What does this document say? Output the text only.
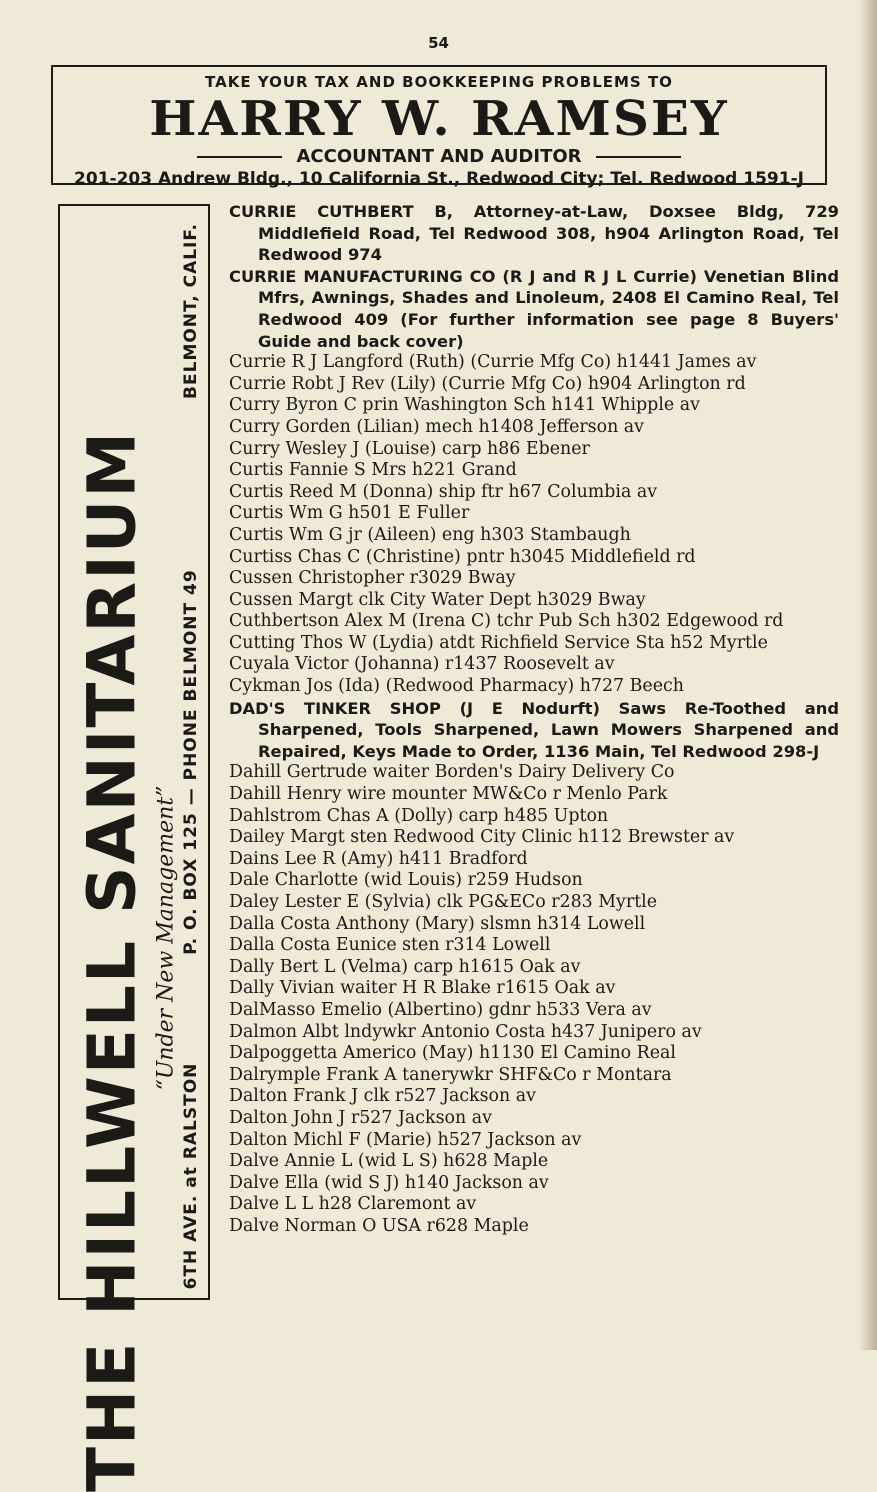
54
TAKE YOUR TAX AND BOOKKEEPING PROBLEMS TO
HARRY W. RAMSEY
ACCOUNTANT AND AUDITOR
201-203 Andrew Bldg., 10 California St., Redwood City; Tel. Redwood 1591-J
THE HILLWELL SANITARIUM “Under New Management”
BELMONT, CALIF.
P. O. BOX 125 — PHONE BELMONT 49
6TH AVE. at RALSTON

CURRIE CUTHBERT B, Attorney-at-Law, Doxsee Bldg, 729 Middlefield Road, Tel Redwood 308, h904 Arlington Road, Tel Redwood 974

CURRIE MANUFACTURING CO (R J and R J L Currie) Venetian Blind Mfrs, Awnings, Shades and Linoleum, 2408 El Camino Real, Tel Redwood 409 (For further information see page 8 Buyers' Guide and back cover)

Currie R J Langford (Ruth) (Currie Mfg Co) h1441 James av

Currie Robt J Rev (Lily) (Currie Mfg Co) h904 Arlington rd

Curry Byron C prin Washington Sch h141 Whipple av

Curry Gorden (Lilian) mech h1408 Jefferson av

Curry Wesley J (Louise) carp h86 Ebener

Curtis Fannie S Mrs h221 Grand

Curtis Reed M (Donna) ship ftr h67 Columbia av

Curtis Wm G h501 E Fuller

Curtis Wm G jr (Aileen) eng h303 Stambaugh

Curtiss Chas C (Christine) pntr h3045 Middlefield rd

Cussen Christopher r3029 Bway

Cussen Margt clk City Water Dept h3029 Bway

Cuthbertson Alex M (Irena C) tchr Pub Sch h302 Edgewood rd

Cutting Thos W (Lydia) atdt Richfield Service Sta h52 Myrtle

Cuyala Victor (Johanna) r1437 Roosevelt av

Cykman Jos (Ida) (Redwood Pharmacy) h727 Beech

DAD'S TINKER SHOP (J E Nodurft) Saws Re-Toothed and Sharpened, Tools Sharpened, Lawn Mowers Sharpened and Repaired, Keys Made to Order, 1136 Main, Tel Redwood 298-J

Dahill Gertrude waiter Borden's Dairy Delivery Co

Dahill Henry wire mounter MW&Co r Menlo Park

Dahlstrom Chas A (Dolly) carp h485 Upton

Dailey Margt sten Redwood City Clinic h112 Brewster av

Dains Lee R (Amy) h411 Bradford

Dale Charlotte (wid Louis) r259 Hudson

Daley Lester E (Sylvia) clk PG&ECo r283 Myrtle

Dalla Costa Anthony (Mary) slsmn h314 Lowell

Dalla Costa Eunice sten r314 Lowell

Dally Bert L (Velma) carp h1615 Oak av

Dally Vivian waiter H R Blake r1615 Oak av

DalMasso Emelio (Albertino) gdnr h533 Vera av

Dalmon Albt lndywkr Antonio Costa h437 Junipero av

Dalpoggetta Americo (May) h1130 El Camino Real

Dalrymple Frank A tanerywkr SHF&Co r Montara

Dalton Frank J clk r527 Jackson av

Dalton John J r527 Jackson av

Dalton Michl F (Marie) h527 Jackson av

Dalve Annie L (wid L S) h628 Maple

Dalve Ella (wid S J) h140 Jackson av

Dalve L L h28 Claremont av

Dalve Norman O USA r628 Maple
